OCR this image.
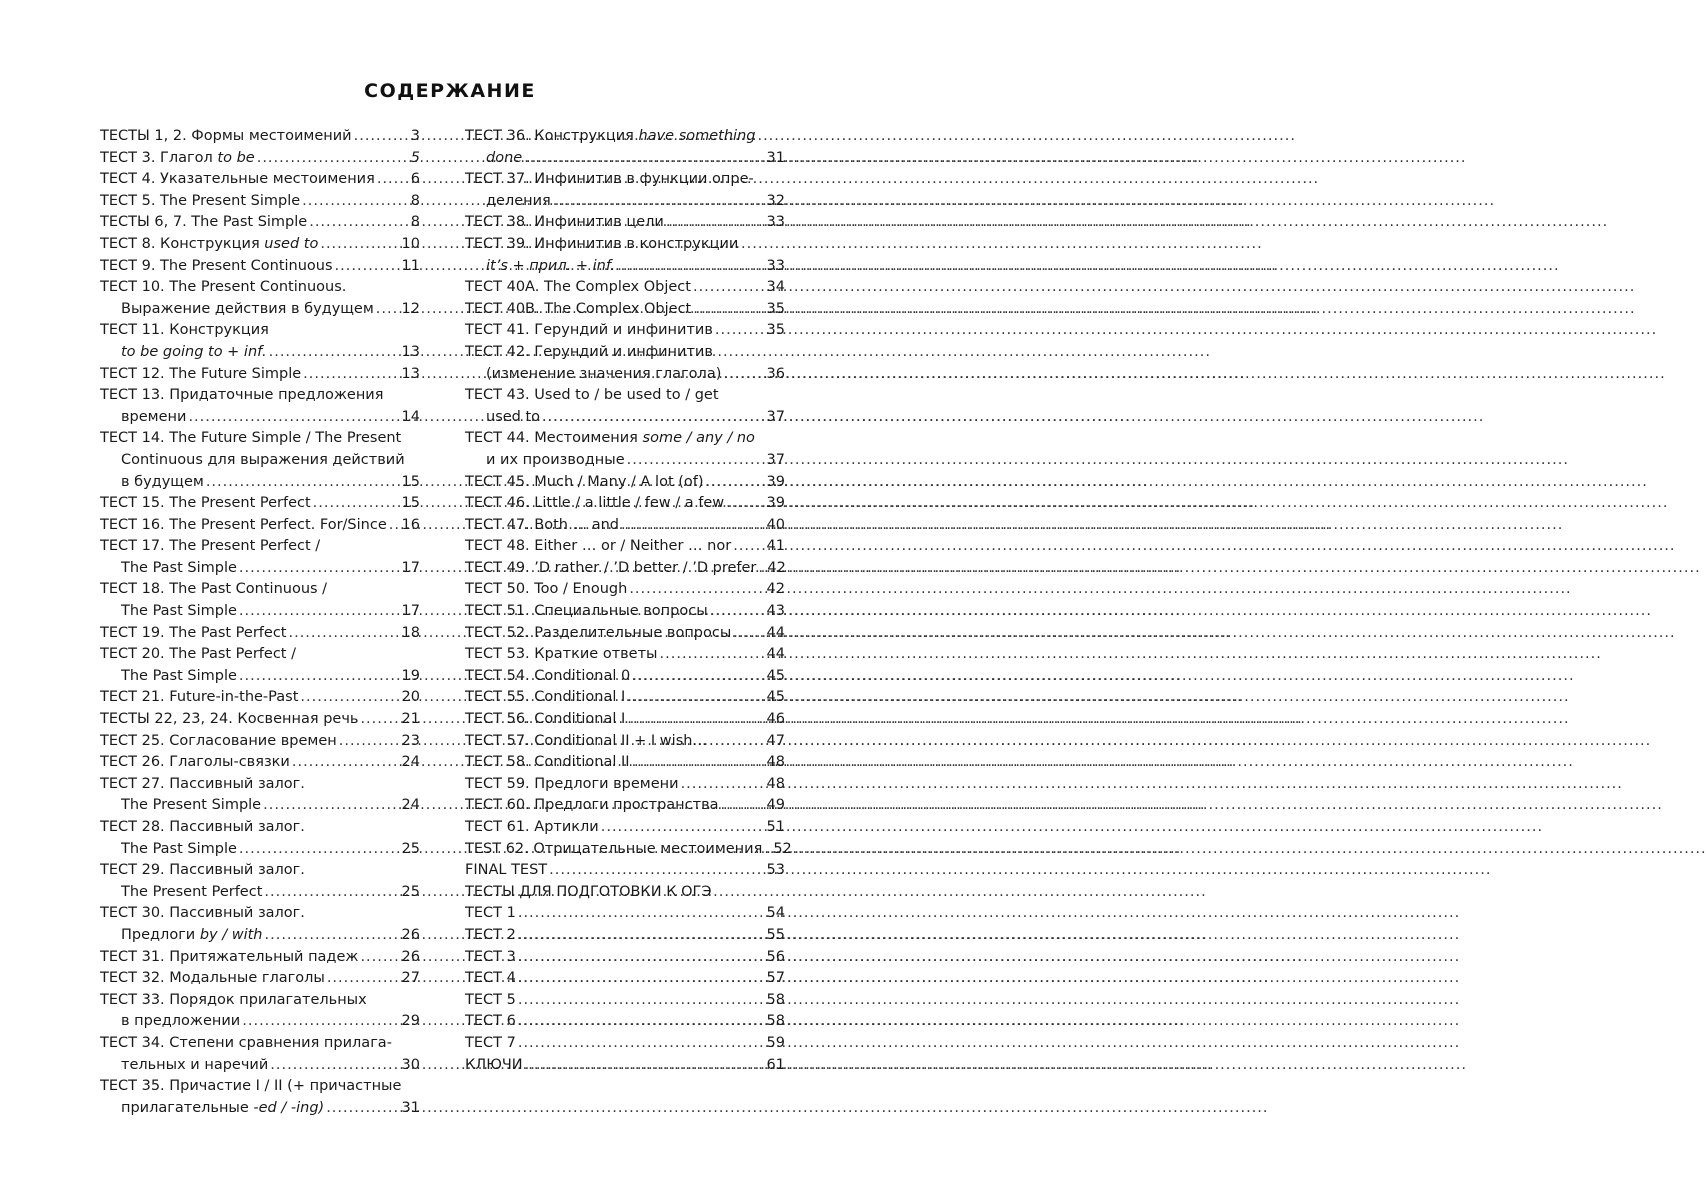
СОДЕРЖАНИЕ
ТЕСТЫ 1, 2. Формы местоимений .....	3
ТЕСТ 3. Глагол to be .....	5
ТЕСТ 4. Указательные местоимения ..... 6
ТЕСТ 5. The Present Simple .....	8
ТЕСТЫ 6, 7. The Past Simple .....	8
ТЕСТ 8. Конструкция used to .....	10
ТЕСТ 9. The Present Continuous .....	11
ТЕСТ 10. The Present Continuous.
Выражение действия в будущем ..... 12
ТЕСТ 11. Конструкция
to be going to + inf. .....	13
ТЕСТ 12. The Future Simple .....	13
ТЕСТ 13. Придаточные предложения
времени .....	14
ТЕСТ 14. The Future Simple / The Present
Continuous для выражения действий
в будущем .....	15
ТЕСТ 15. The Present Perfect .....	15
ТЕСТ 16. The Present Perfect. For/Since ..... 16
ТЕСТ 17. The Present Perfect /
The Past Simple .....	17
ТЕСТ 18. The Past Continuous /
The Past Simple .....	17
ТЕСТ 19. The Past Perfect .....	18
ТЕСТ 20. The Past Perfect /
The Past Simple .....	19
ТЕСТ 21. Future-in-the-Past .....	20
ТЕСТЫ 22, 23, 24. Косвенная речь .....	21
ТЕСТ 25. Согласование времен .....	23
ТЕСТ 26. Глаголы-связки .....	24
ТЕСТ 27. Пассивный залог.
The Present Simple .....	24
ТЕСТ 28. Пассивный залог.
The Past Simple .....	25
ТЕСТ 29. Пассивный залог.
The Present Perfect .....	25
ТЕСТ 30. Пассивный залог.
Предлоги by / with .....	26
ТЕСТ 31. Притяжательный падеж .....	26
ТЕСТ 32. Модальные глаголы .....	27
ТЕСТ 33. Порядок прилагательных
в предложении .....	29
ТЕСТ 34. Степени сравнения прилага-
тельных и наречий .....	30
ТЕСТ 35. Причастие I / II (+ причастные
прилагательные -ed / -ing) .....	31
ТЕСТ 36. Конструкция have something
done .....	31
ТЕСТ 37. Инфинитив в функции опре-
деления .....	32
ТЕСТ 38. Инфинитив цели .....	33
ТЕСТ 39. Инфинитив в конструкции
it’s + прил. + inf. .....	33
ТЕСТ 40A. The Complex Object .....	34
ТЕСТ 40B. The Complex Object .....	35
ТЕСТ 41. Герундий и инфинитив .....	35
ТЕСТ 42. Герундий и инфинитив
(изменение значения глагола) .....	36
ТЕСТ 43. Used to / be used to / get
used to .....	37
ТЕСТ 44. Местоимения some / any / no
и их производные .....	37
ТЕСТ 45. Much / Many / A lot (of) .....	39
ТЕСТ 46. Little / a little / few / a few .....	39
ТЕСТ 47. Both … and .....	40
ТЕСТ 48. Either … or / Neither … nor ..... 41
ТЕСТ 49. ’D rather / ’D better / ’D prefer ..... 42
ТЕСТ 50. Too / Enough .....	42
ТЕСТ 51. Специальные вопросы .....	43
ТЕСТ 52. Разделительные вопросы ..... 44
ТЕСТ 53. Краткие ответы .....	44
ТЕСТ 54. Conditional 0 .....	45
ТЕСТ 55. Conditional I .....	45
ТЕСТ 56. Conditional I .....	46
ТЕСТ 57. Conditional II + I wish… .....	47
ТЕСТ 58. Conditional II .....	48
ТЕСТ 59. Предлоги времени .....	48
ТЕСТ 60. Предлоги пространства .....	49
ТЕСТ 61. Артикли .....	51
TEST 62. Отрицательные местоимения ..... 52
FINAL TEST .....	53
ТЕСТЫ ДЛЯ ПОДГОТОВКИ К ОГЭ
ТЕСТ 1 .....	54
ТЕСТ 2 .....	55
ТЕСТ 3 .....	56
ТЕСТ 4 .....	57
ТЕСТ 5 .....	58
ТЕСТ 6 .....	58
ТЕСТ 7 .....	59
КЛЮЧИ .....	61
